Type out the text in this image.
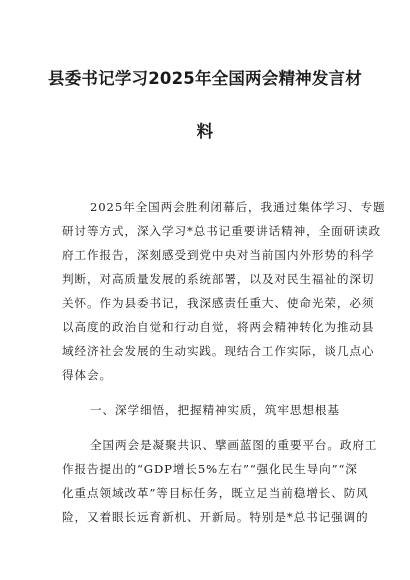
县委书记学习2025年全国两会精神发言材
料
2025年全国两会胜利闭幕后，我通过集体学习、专题
研讨等方式，深入学习*总书记重要讲话精神，全面研读政
府工作报告，深刻感受到党中央对当前国内外形势的科学
判断，对高质量发展的系统部署，以及对民生福祉的深切
关怀。作为县委书记，我深感责任重大、使命光荣，必须
以高度的政治自觉和行动自觉，将两会精神转化为推动县
域经济社会发展的生动实践。现结合工作实际，谈几点心
得体会。
一、深学细悟，把握精神实质，筑牢思想根基
全国两会是凝聚共识、擘画蓝图的重要平台。政府工
作报告提出的“GDP增长5%左右”“强化民生导向”“深
化重点领域改革”等目标任务，既立足当前稳增长、防风
险，又着眼长远育新机、开新局。特别是*总书记强调的
